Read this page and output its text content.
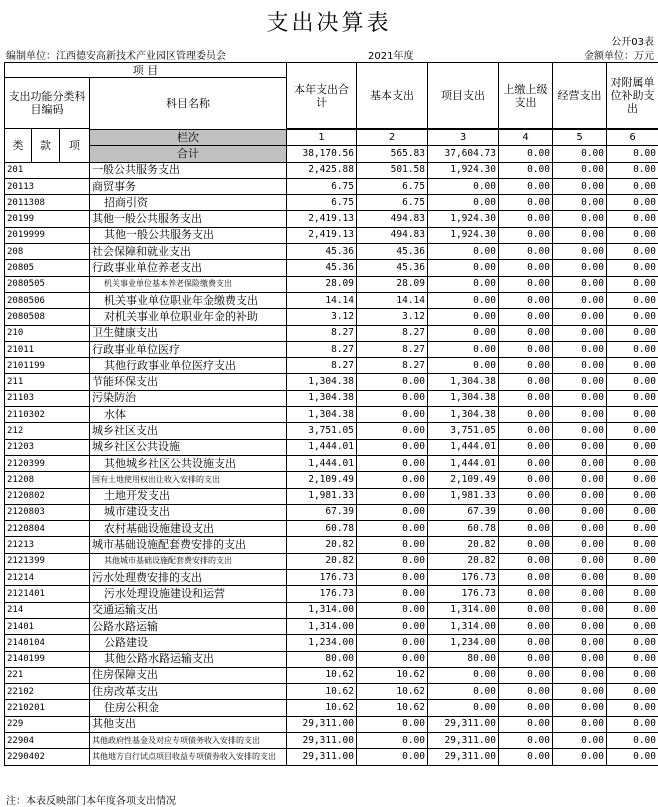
支出决算表
公开03表
编制单位：江西德安高新技术产业园区管理委员会	2021年度	金额单位：万元
项 目				本年支出合计	基本支出	项目支出	上缴上级支出	经营支出	对附属单位补助支出
支出功能分类科目编码			科目名称						
类	款	项							
			栏次	1	2	3	4	5	6
			合计	38,170.56	565.83	37,604.73	0.00	0.00	0.00
201			一般公共服务支出	2,425.88	501.58	1,924.30	0.00	0.00	0.00
20113			商贸事务	6.75	6.75	0.00	0.00	0.00	0.00
2011308			招商引资	6.75	6.75	0.00	0.00	0.00	0.00
20199			其他一般公共服务支出	2,419.13	494.83	1,924.30	0.00	0.00	0.00
2019999			其他一般公共服务支出	2,419.13	494.83	1,924.30	0.00	0.00	0.00
208			社会保障和就业支出	45.36	45.36	0.00	0.00	0.00	0.00
20805			行政事业单位养老支出	45.36	45.36	0.00	0.00	0.00	0.00
2080505			机关事业单位基本养老保险缴费支出	28.09	28.09	0.00	0.00	0.00	0.00
2080506			机关事业单位职业年金缴费支出	14.14	14.14	0.00	0.00	0.00	0.00
2080508			对机关事业单位职业年金的补助	3.12	3.12	0.00	0.00	0.00	0.00
210			卫生健康支出	8.27	8.27	0.00	0.00	0.00	0.00
21011			行政事业单位医疗	8.27	8.27	0.00	0.00	0.00	0.00
2101199			其他行政事业单位医疗支出	8.27	8.27	0.00	0.00	0.00	0.00
211			节能环保支出	1,304.38	0.00	1,304.38	0.00	0.00	0.00
21103			污染防治	1,304.38	0.00	1,304.38	0.00	0.00	0.00
2110302			水体	1,304.38	0.00	1,304.38	0.00	0.00	0.00
212			城乡社区支出	3,751.05	0.00	3,751.05	0.00	0.00	0.00
21203			城乡社区公共设施	1,444.01	0.00	1,444.01	0.00	0.00	0.00
2120399			其他城乡社区公共设施支出	1,444.01	0.00	1,444.01	0.00	0.00	0.00
21208			国有土地使用权出让收入安排的支出	2,109.49	0.00	2,109.49	0.00	0.00	0.00
2120802			土地开发支出	1,981.33	0.00	1,981.33	0.00	0.00	0.00
2120803			城市建设支出	67.39	0.00	67.39	0.00	0.00	0.00
2120804			农村基础设施建设支出	60.78	0.00	60.78	0.00	0.00	0.00
21213			城市基础设施配套费安排的支出	20.82	0.00	20.82	0.00	0.00	0.00
2121399			其他城市基础设施配套费安排的支出	20.82	0.00	20.82	0.00	0.00	0.00
21214			污水处理费安排的支出	176.73	0.00	176.73	0.00	0.00	0.00
2121401			污水处理设施建设和运营	176.73	0.00	176.73	0.00	0.00	0.00
214			交通运输支出	1,314.00	0.00	1,314.00	0.00	0.00	0.00
21401			公路水路运输	1,314.00	0.00	1,314.00	0.00	0.00	0.00
2140104			公路建设	1,234.00	0.00	1,234.00	0.00	0.00	0.00
2140199			其他公路水路运输支出	80.00	0.00	80.00	0.00	0.00	0.00
221			住房保障支出	10.62	10.62	0.00	0.00	0.00	0.00
22102			住房改革支出	10.62	10.62	0.00	0.00	0.00	0.00
2210201			住房公积金	10.62	10.62	0.00	0.00	0.00	0.00
229			其他支出	29,311.00	0.00	29,311.00	0.00	0.00	0.00
22904			其他政府性基金及对应专项债务收入安排的支出	29,311.00	0.00	29,311.00	0.00	0.00	0.00
2290402			其他地方自行试点项目收益专项债券收入安排的支出	29,311.00	0.00	29,311.00	0.00	0.00	0.00
注：本表反映部门本年度各项支出情况
